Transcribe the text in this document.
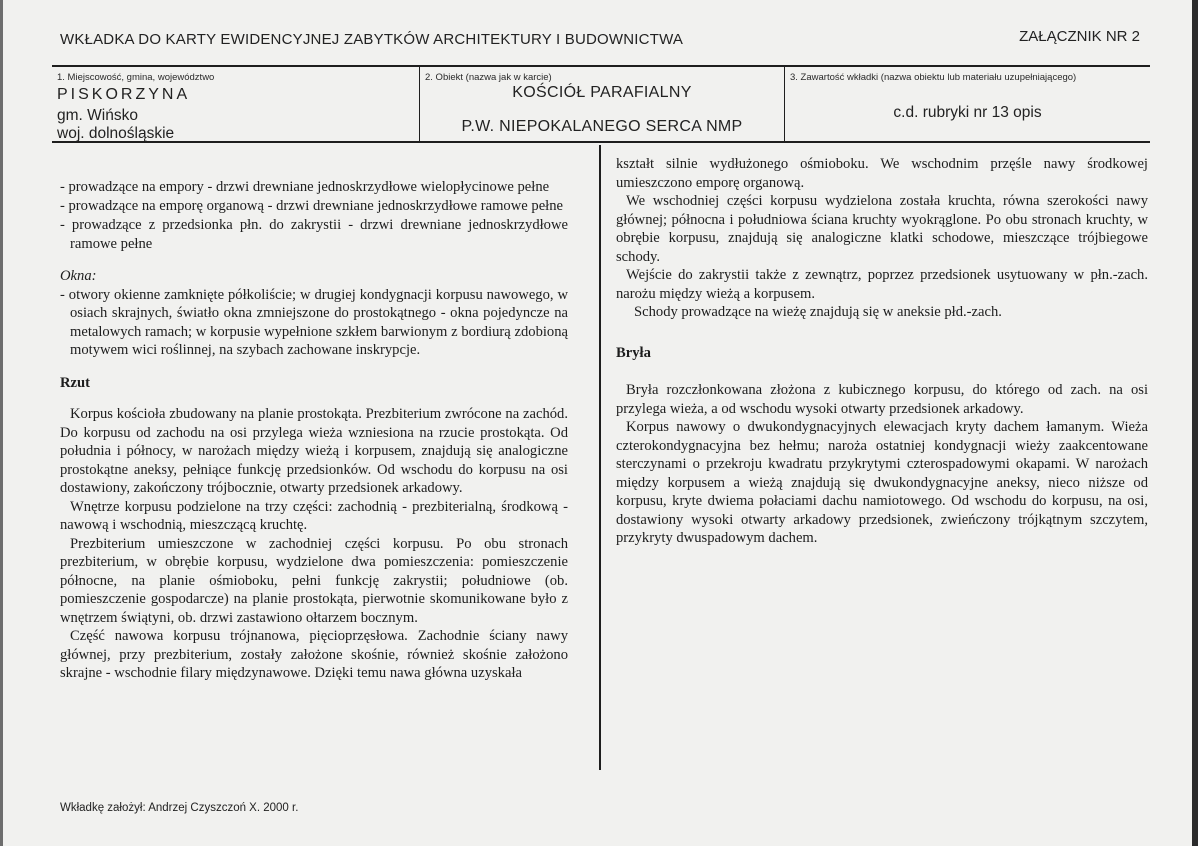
WKŁADKA DO KARTY EWIDENCYJNEJ ZABYTKÓW ARCHITEKTURY I BUDOWNICTWA	ZAŁĄCZNIK NR 2
1. Miejscowość, gmina, województwo
PISKORZYNA
gm. Wińsko
woj. dolnośląskie
2. Obiekt (nazwa jak w karcie)
KOŚCIÓŁ PARAFIALNY
P.W. NIEPOKALANEGO SERCA NMP
3. Zawartość wkładki (nazwa obiektu lub materiału uzupełniającego)
c.d. rubryki nr 13 opis

- prowadzące na empory - drzwi drewniane jednoskrzydłowe wielopłycinowe pełne

- prowadzące na emporę organową - drzwi drewniane jednoskrzydłowe ramowe pełne

- prowadzące z przedsionka płn. do zakrystii - drzwi drewniane jednoskrzydłowe ramowe pełne

Okna:

- otwory okienne zamknięte półkoliście; w drugiej kondygnacji korpusu nawowego, w osiach skrajnych, światło okna zmniejszone do prostokątnego - okna pojedyncze na metalowych ramach; w korpusie wypełnione szkłem barwionym z bordiurą zdobioną motywem wici roślinnej, na szybach zachowane inskrypcje.

Rzut

Korpus kościoła zbudowany na planie prostokąta. Prezbiterium zwrócone na zachód. Do korpusu od zachodu na osi przylega wieża wzniesiona na rzucie prostokąta. Od południa i północy, w narożach między wieżą i korpusem, znajdują się analogiczne prostokątne aneksy, pełniące funkcję przedsionków. Od wschodu do korpusu na osi dostawiony, zakończony trójbocznie, otwarty przedsionek arkadowy.

Wnętrze korpusu podzielone na trzy części: zachodnią - prezbiterialną, środkową - nawową i wschodnią, mieszczącą kruchtę.

Prezbiterium umieszczone w zachodniej części korpusu. Po obu stronach prezbiterium, w obrębie korpusu, wydzielone dwa pomieszczenia: pomieszczenie północne, na planie ośmioboku, pełni funkcję zakrystii; południowe (ob. pomieszczenie gospodarcze) na planie prostokąta, pierwotnie skomunikowane było z wnętrzem świątyni, ob. drzwi zastawiono ołtarzem bocznym.

Część nawowa korpusu trójnanowa, pięcioprzęsłowa. Zachodnie ściany nawy głównej, przy prezbiterium, zostały założone skośnie, również skośnie założono skrajne - wschodnie filary międzynawowe. Dzięki temu nawa główna uzyskała

kształt silnie wydłużonego ośmioboku. We wschodnim przęśle nawy środkowej umieszczono emporę organową.

We wschodniej części korpusu wydzielona została kruchta, równa szerokości nawy głównej; północna i południowa ściana kruchty wyokrąglone. Po obu stronach kruchty, w obrębie korpusu, znajdują się analogiczne klatki schodowe, mieszczące trójbiegowe schody.

Wejście do zakrystii także z zewnątrz, poprzez przedsionek usytuowany w płn.-zach. narożu między wieżą a korpusem.

Schody prowadzące na wieżę znajdują się w aneksie płd.-zach.

Bryła

Bryła rozczłonkowana złożona z kubicznego korpusu, do którego od zach. na osi przylega wieża, a od wschodu wysoki otwarty przedsionek arkadowy.

Korpus nawowy o dwukondygnacyjnych elewacjach kryty dachem łamanym. Wieża czterokondygnacyjna bez hełmu; naroża ostatniej kondygnacji wieży zaakcentowane sterczynami o przekroju kwadratu przykrytymi czterospadowymi okapami. W narożach między korpusem a wieżą znajdują się dwukondygnacyjne aneksy, nieco niższe od korpusu, kryte dwiema połaciami dachu namiotowego. Od wschodu do korpusu, na osi, dostawiony wysoki otwarty arkadowy przedsionek, zwieńczony trójkątnym szczytem, przykryty dwuspadowym dachem.

Wkładkę założył: Andrzej Czyszczoń X. 2000 r.
